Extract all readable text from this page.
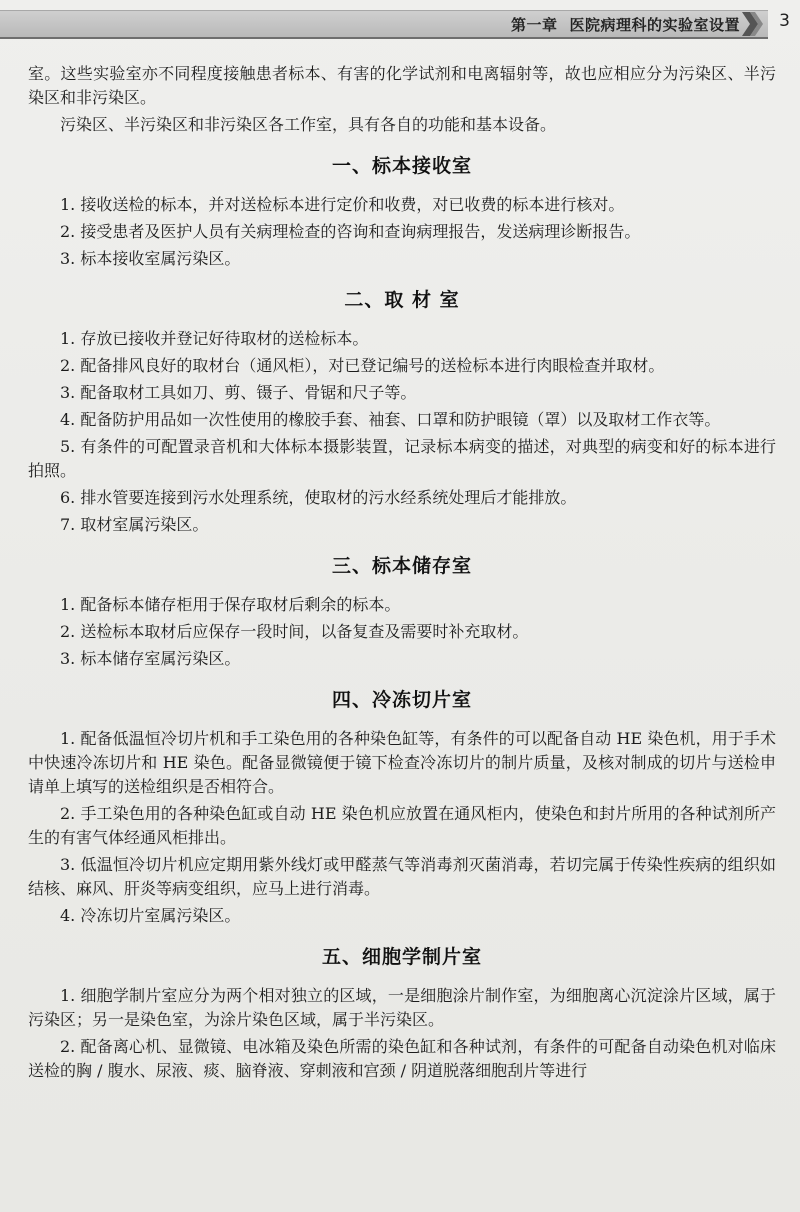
第一章 医院病理科的实验室设置 3

室。这些实验室亦不同程度接触患者标本、有害的化学试剂和电离辐射等，故也应相应分为污染区、半污染区和非污染区。

污染区、半污染区和非污染区各工作室，具有各自的功能和基本设备。

一、标本接收室

1. 接收送检的标本，并对送检标本进行定价和收费，对已收费的标本进行核对。

2. 接受患者及医护人员有关病理检查的咨询和查询病理报告，发送病理诊断报告。

3. 标本接收室属污染区。

二、取 材 室

1. 存放已接收并登记好待取材的送检标本。

2. 配备排风良好的取材台（通风柜），对已登记编号的送检标本进行肉眼检查并取材。

3. 配备取材工具如刀、剪、镊子、骨锯和尺子等。

4. 配备防护用品如一次性使用的橡胶手套、袖套、口罩和防护眼镜（罩）以及取材工作衣等。

5. 有条件的可配置录音机和大体标本摄影装置，记录标本病变的描述，对典型的病变和好的标本进行拍照。

6. 排水管要连接到污水处理系统，使取材的污水经系统处理后才能排放。

7. 取材室属污染区。

三、标本储存室

1. 配备标本储存柜用于保存取材后剩余的标本。

2. 送检标本取材后应保存一段时间，以备复查及需要时补充取材。

3. 标本储存室属污染区。

四、冷冻切片室

1. 配备低温恒冷切片机和手工染色用的各种染色缸等，有条件的可以配备自动 HE 染色机，用于手术中快速冷冻切片和 HE 染色。配备显微镜便于镜下检查冷冻切片的制片质量，及核对制成的切片与送检申请单上填写的送检组织是否相符合。

2. 手工染色用的各种染色缸或自动 HE 染色机应放置在通风柜内，使染色和封片所用的各种试剂所产生的有害气体经通风柜排出。

3. 低温恒冷切片机应定期用紫外线灯或甲醛蒸气等消毒剂灭菌消毒，若切完属于传染性疾病的组织如结核、麻风、肝炎等病变组织，应马上进行消毒。

4. 冷冻切片室属污染区。

五、细胞学制片室

1. 细胞学制片室应分为两个相对独立的区域，一是细胞涂片制作室，为细胞离心沉淀涂片区域，属于污染区；另一是染色室，为涂片染色区域，属于半污染区。

2. 配备离心机、显微镜、电冰箱及染色所需的染色缸和各种试剂，有条件的可配备自动染色机对临床送检的胸 / 腹水、尿液、痰、脑脊液、穿刺液和宫颈 / 阴道脱落细胞刮片等进行
